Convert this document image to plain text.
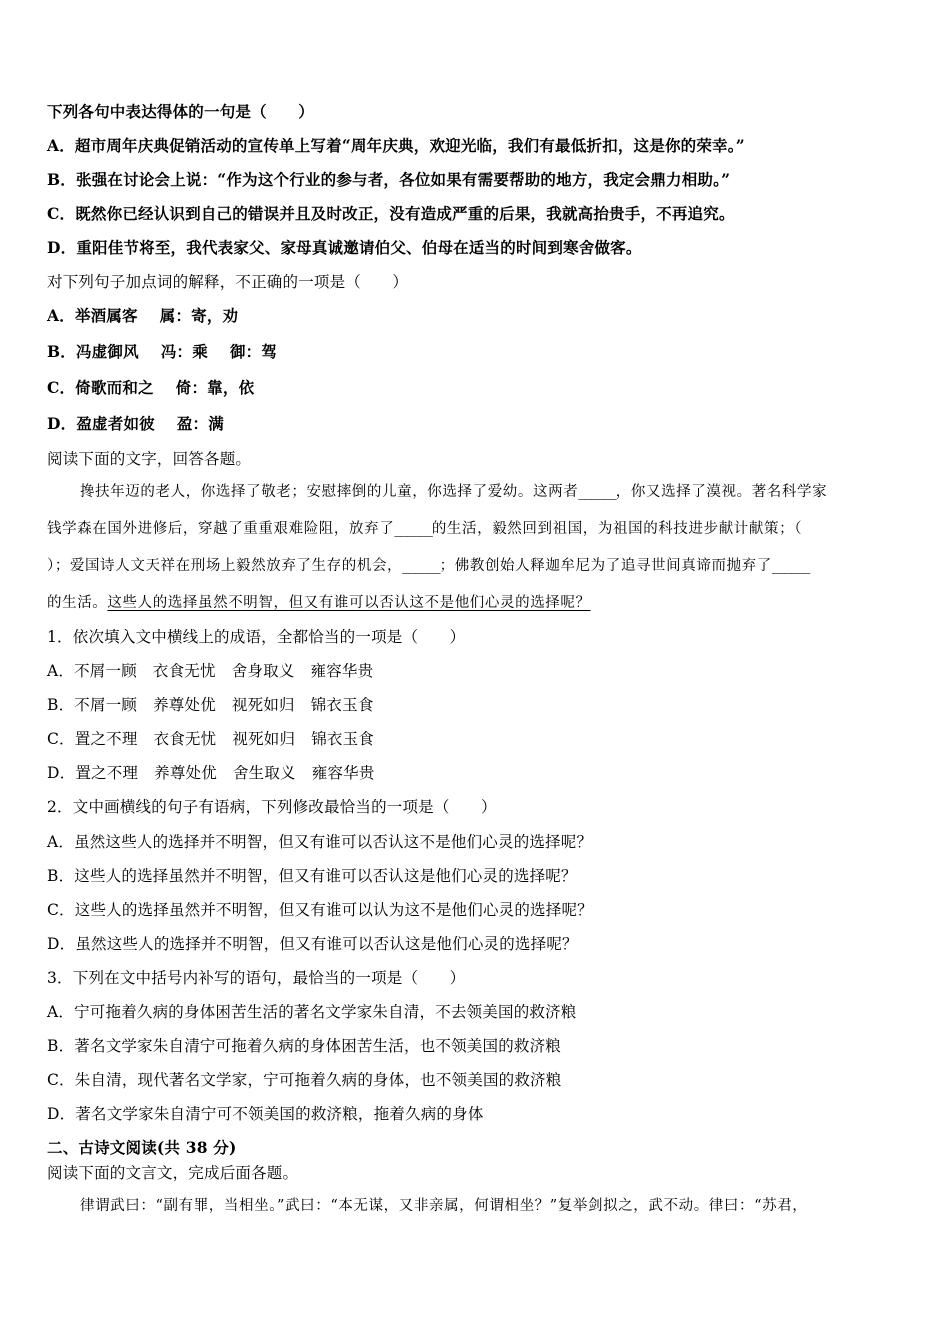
下列各句中表达得体的一句是（　　）
A．超市周年庆典促销活动的宣传单上写着“周年庆典，欢迎光临，我们有最低折扣，这是你的荣幸。”
B．张强在讨论会上说：“作为这个行业的参与者，各位如果有需要帮助的地方，我定会鼎力相助。”
C．既然你已经认识到自己的错误并且及时改正，没有造成严重的后果，我就高抬贵手，不再追究。
D．重阳佳节将至，我代表家父、家母真诚邀请伯父、伯母在适当的时间到寒舍做客。
对下列句子加点词的解释，不正确的一项是（　　）
A．举酒属客 属：寄，劝
B．冯虚御风 冯：乘 御：驾
C．倚歌而和之 倚：靠，依
D．盈虚者如彼 盈：满
阅读下面的文字，回答各题。
搀扶年迈的老人，你选择了敬老；安慰摔倒的儿童，你选择了爱幼。这两者______，你又选择了漠视。著名科学家
钱学森在国外进修后，穿越了重重艰难险阻，放弃了______的生活，毅然回到祖国，为祖国的科技进步献计献策；（
）；爱国诗人文天祥在刑场上毅然放弃了生存的机会，______；佛教创始人释迦牟尼为了追寻世间真谛而抛弃了______
的生活。这些人的选择虽然不明智，但又有谁可以否认这不是他们心灵的选择呢？
1．依次填入文中横线上的成语，全都恰当的一项是（　　）
A．不屑一顾 衣食无忧 舍身取义 雍容华贵
B．不屑一顾 养尊处优 视死如归 锦衣玉食
C．置之不理 衣食无忧 视死如归 锦衣玉食
D．置之不理 养尊处优 舍生取义 雍容华贵
2．文中画横线的句子有语病，下列修改最恰当的一项是（　　）
A．虽然这些人的选择并不明智，但又有谁可以否认这不是他们心灵的选择呢？
B．这些人的选择虽然并不明智，但又有谁可以否认这是他们心灵的选择呢？
C．这些人的选择虽然并不明智，但又有谁可以认为这不是他们心灵的选择呢？
D．虽然这些人的选择并不明智，但又有谁可以否认这是他们心灵的选择呢？
3．下列在文中括号内补写的语句，最恰当的一项是（　　）
A．宁可拖着久病的身体困苦生活的著名文学家朱自清，不去领美国的救济粮
B．著名文学家朱自清宁可拖着久病的身体困苦生活，也不领美国的救济粮
C．朱自清，现代著名文学家，宁可拖着久病的身体，也不领美国的救济粮
D．著名文学家朱自清宁可不领美国的救济粮，拖着久病的身体
二、古诗文阅读(共 38 分)
阅读下面的文言文，完成后面各题。
律谓武曰：“副有罪，当相坐。”武曰：“本无谋，又非亲属，何谓相坐？”复举剑拟之，武不动。律曰：“苏君，
